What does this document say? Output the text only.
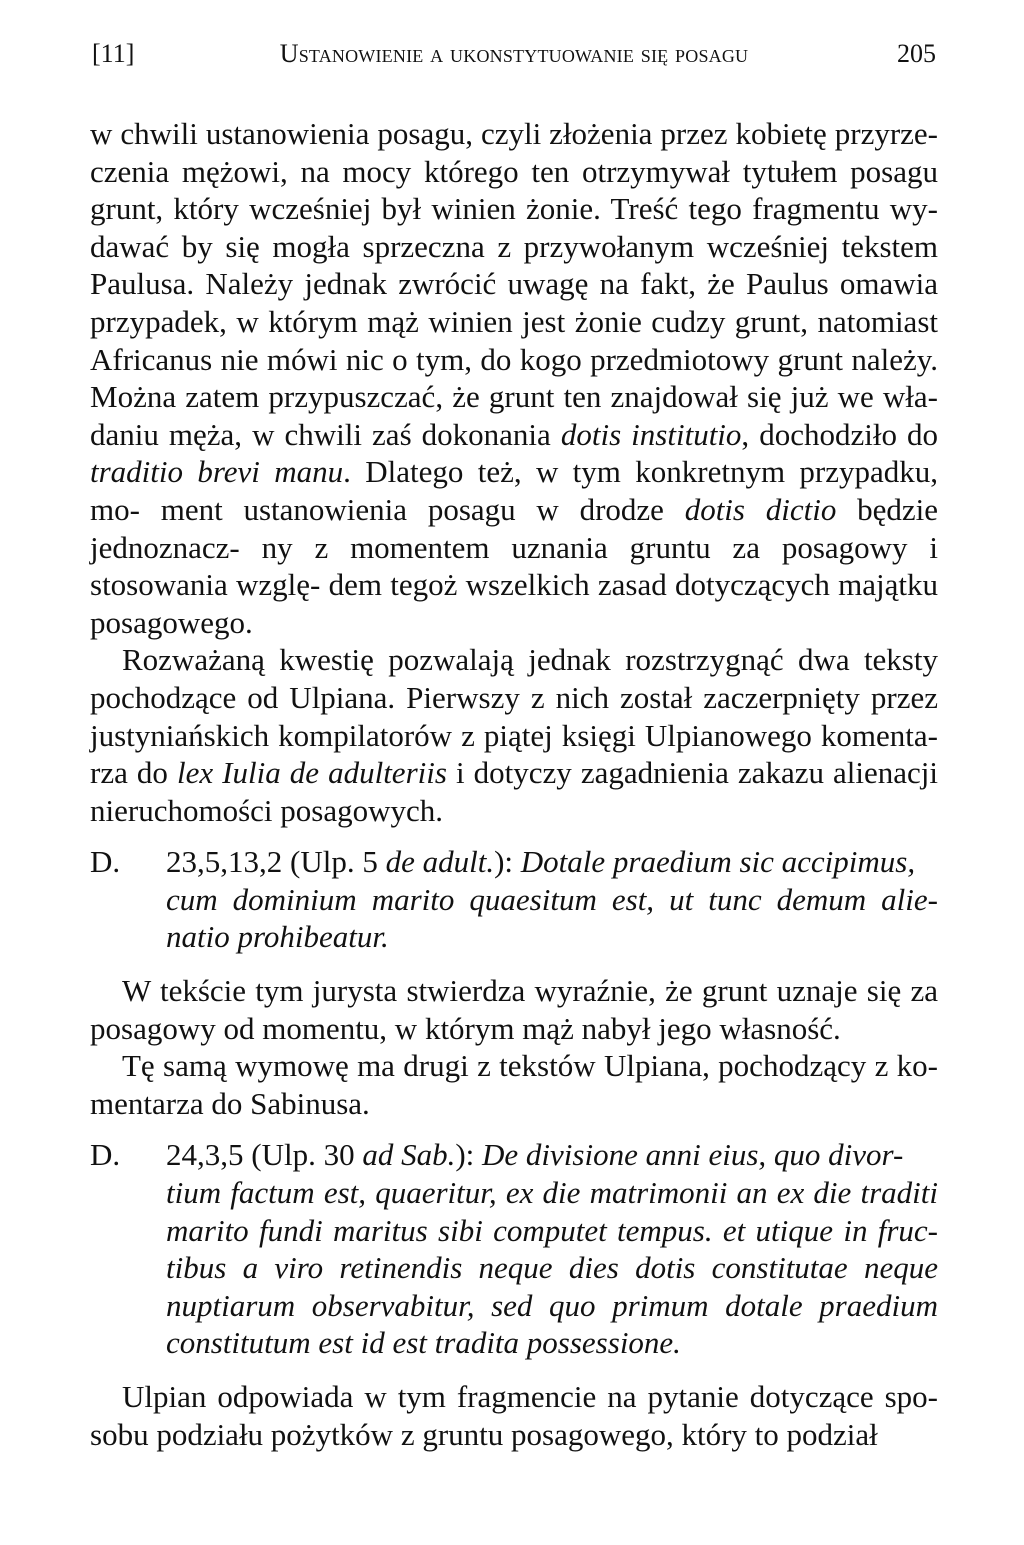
[11]	Ustanowienie a ukonstytuowanie się posagu	205

w chwili ustanowienia posagu, czyli złożenia przez kobietę przyrze- czenia mężowi, na mocy którego ten otrzymywał tytułem posagu grunt, który wcześniej był winien żonie. Treść tego fragmentu wy- dawać by się mogła sprzeczna z przywołanym wcześniej tekstem Paulusa. Należy jednak zwrócić uwagę na fakt, że Paulus omawia przypadek, w którym mąż winien jest żonie cudzy grunt, natomiast Africanus nie mówi nic o tym, do kogo przedmiotowy grunt należy. Można zatem przypuszczać, że grunt ten znajdował się już we wła- daniu męża, w chwili zaś dokonania dotis institutio, dochodziło do traditio brevi manu. Dlatego też, w tym konkretnym przypadku, mo- ment ustanowienia posagu w drodze dotis dictio będzie jednoznacz- ny z momentem uznania gruntu za posagowy i stosowania wzglę- dem tegoż wszelkich zasad dotyczących majątku posagowego.

Rozważaną kwestię pozwalają jednak rozstrzygnąć dwa teksty pochodzące od Ulpiana. Pierwszy z nich został zaczerpnięty przez justyniańskich kompilatorów z piątej księgi Ulpianowego komenta- rza do lex Iulia de adulteriis i dotyczy zagadnienia zakazu alienacji nieruchomości posagowych.

D.	23,5,13,2 (Ulp. 5 de adult.): Dotale praedium sic accipimus,
cum dominium marito quaesitum est, ut tunc demum alie- natio prohibeatur.

W tekście tym jurysta stwierdza wyraźnie, że grunt uznaje się za posagowy od momentu, w którym mąż nabył jego własność.

Tę samą wymowę ma drugi z tekstów Ulpiana, pochodzący z ko- mentarza do Sabinusa.

D.	24,3,5 (Ulp. 30 ad Sab.): De divisione anni eius, quo divor-
tium factum est, quaeritur, ex die matrimonii an ex die traditi marito fundi maritus sibi computet tempus. et utique in fruc- tibus a viro retinendis neque dies dotis constitutae neque nuptiarum observabitur, sed quo primum dotale praedium constitutum est id est tradita possessione.

Ulpian odpowiada w tym fragmencie na pytanie dotyczące spo- sobu podziału pożytków z gruntu posagowego, który to podział
